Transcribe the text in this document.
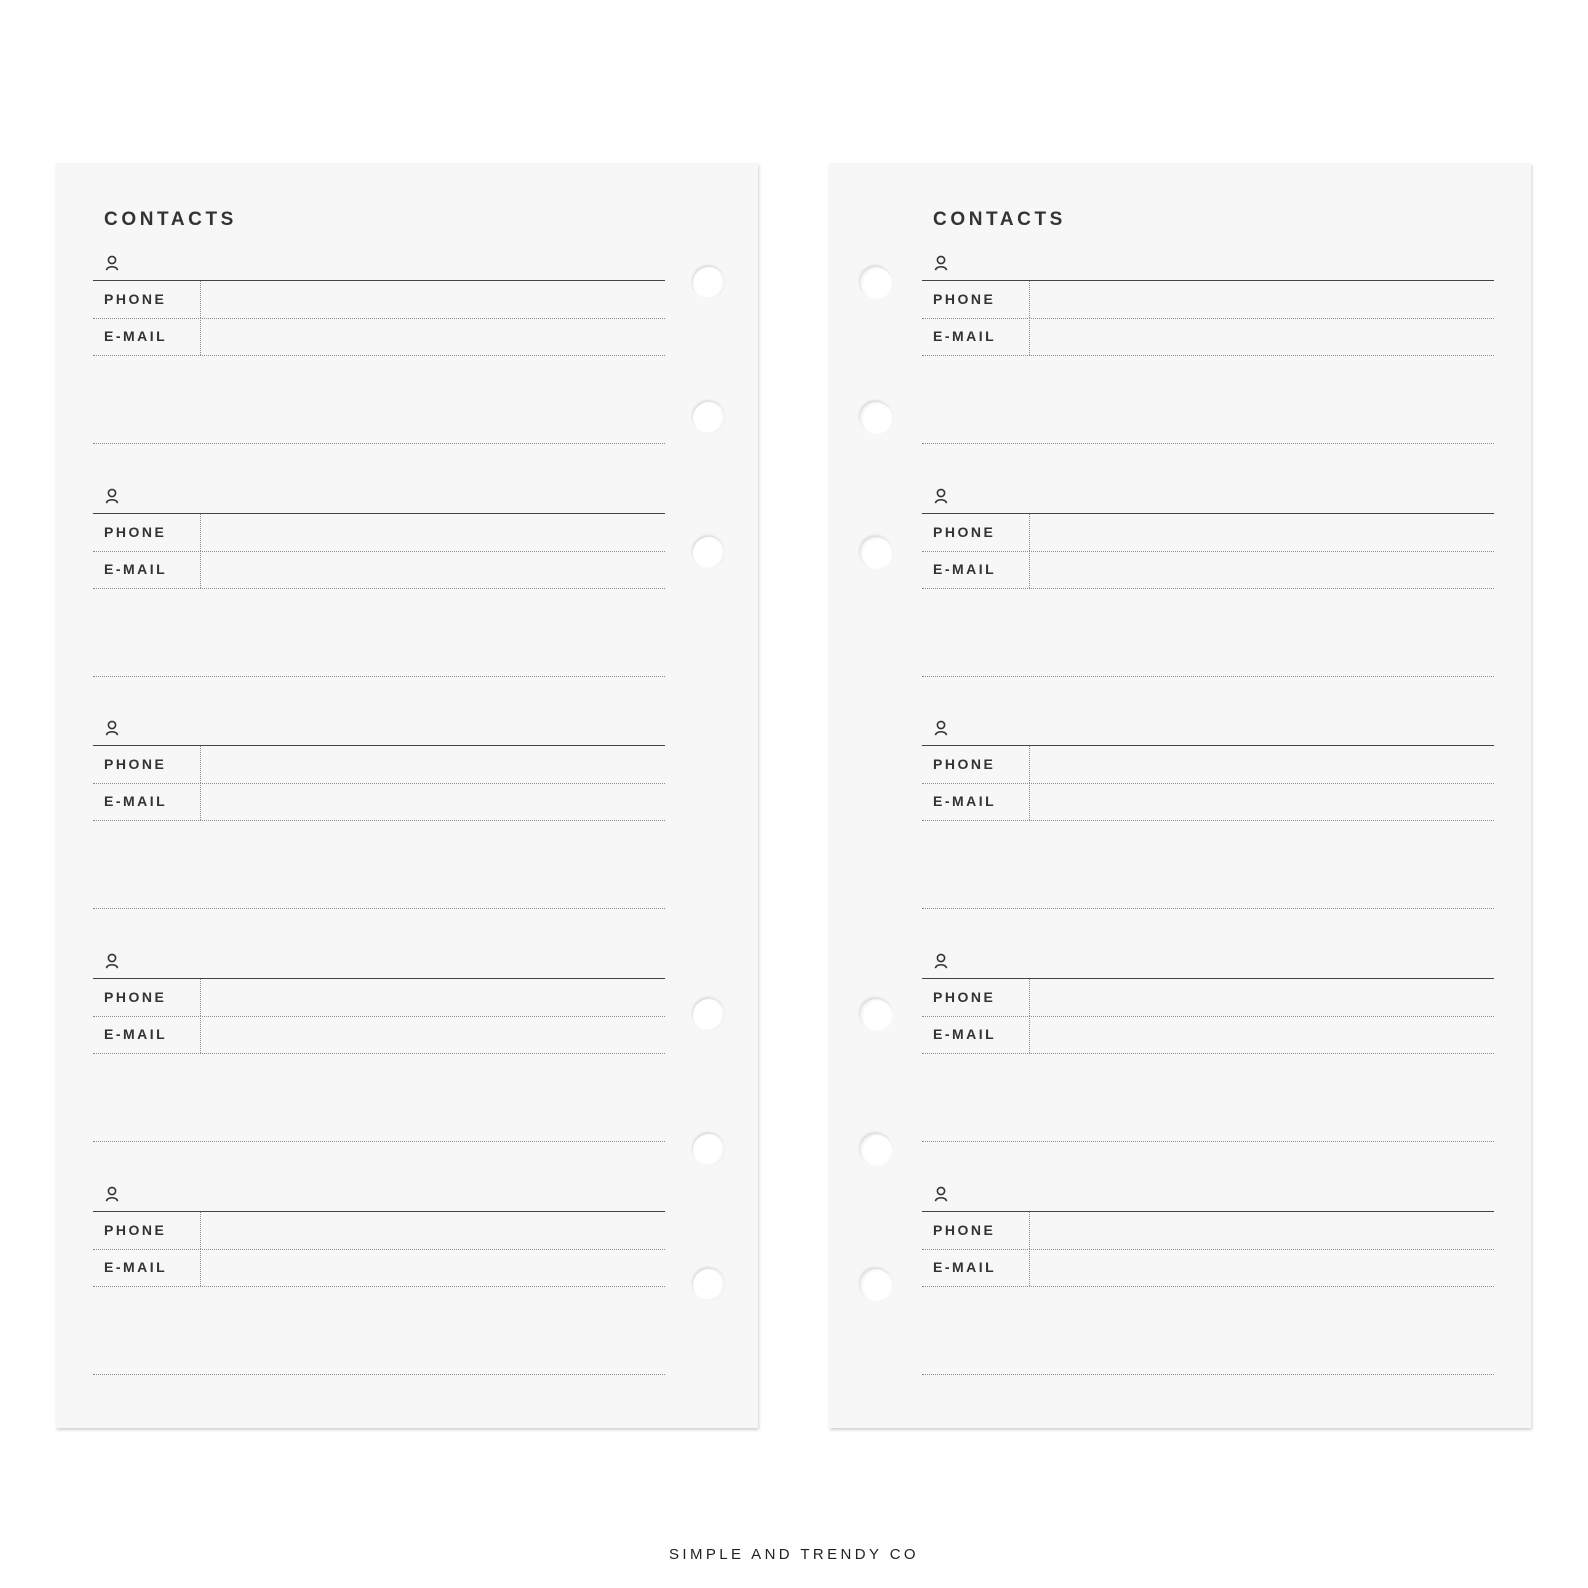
CONTACTS
PHONE
E-MAIL
PHONE
E-MAIL
PHONE
E-MAIL
PHONE
E-MAIL
PHONE
E-MAIL
CONTACTS
PHONE
E-MAIL
PHONE
E-MAIL
PHONE
E-MAIL
PHONE
E-MAIL
PHONE
E-MAIL
SIMPLE AND TRENDY CO
